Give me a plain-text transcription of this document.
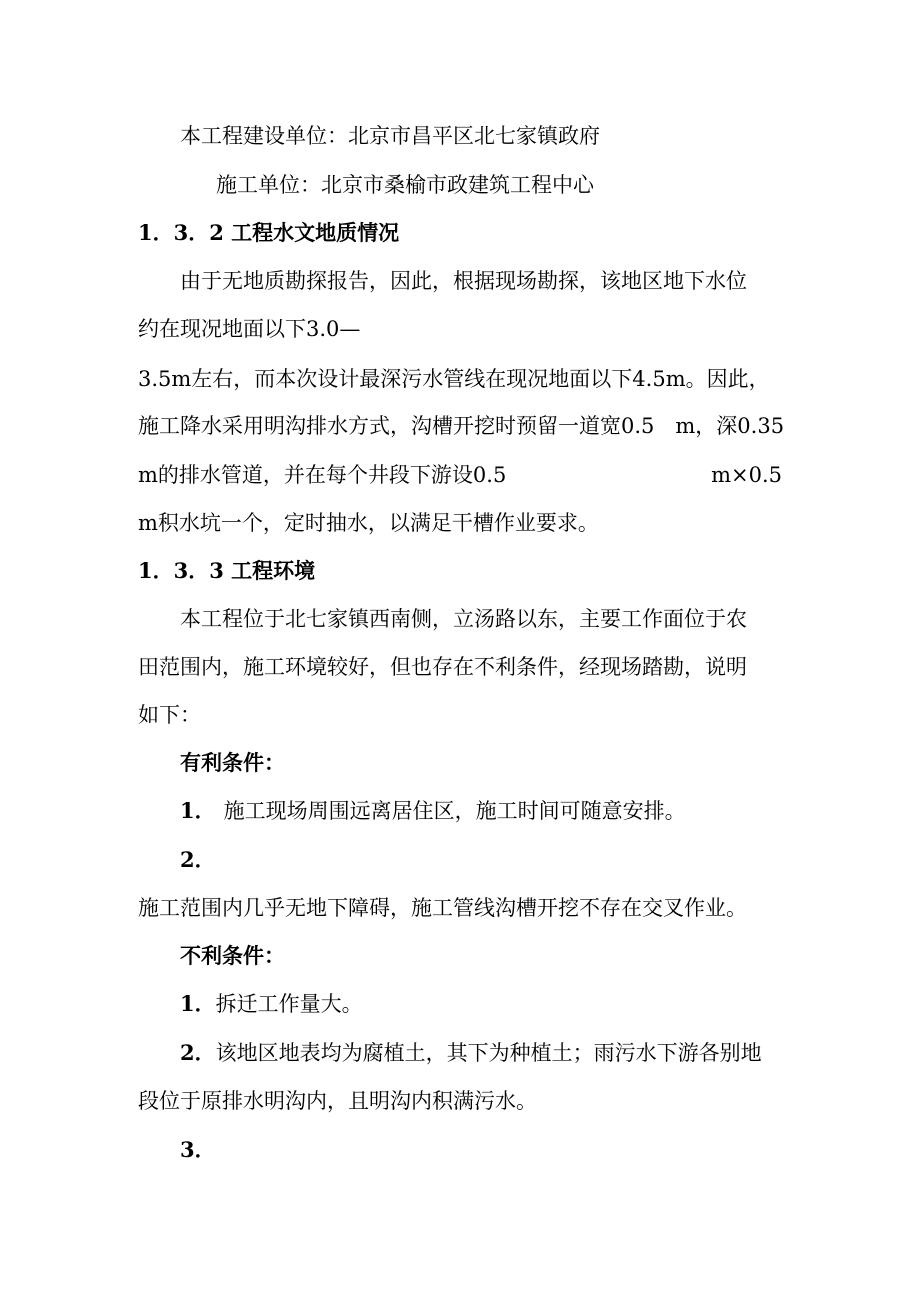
本工程建设单位：北京市昌平区北七家镇政府
施工单位：北京市桑榆市政建筑工程中心
1．3．2 工程水文地质情况
由于无地质勘探报告，因此，根据现场勘探，该地区地下水位
约在现况地面以下3.0—
3.5m左右，而本次设计最深污水管线在现况地面以下4.5m。因此，
施工降水采用明沟排水方式，沟槽开挖时预留一道宽0.5　m，深0.35
m的排水管道，并在每个井段下游设0.5	m×0.5
m积水坑一个，定时抽水，以满足干槽作业要求。
1．3．3 工程环境
本工程位于北七家镇西南侧，立汤路以东，主要工作面位于农
田范围内，施工环境较好，但也存在不利条件，经现场踏勘，说明
如下：
有利条件：
1． 施工现场周围远离居住区，施工时间可随意安排。
2．
施工范围内几乎无地下障碍，施工管线沟槽开挖不存在交叉作业。
不利条件：
1．拆迁工作量大。
2．该地区地表均为腐植土，其下为种植土；雨污水下游各别地
段位于原排水明沟内，且明沟内积满污水。
3．
